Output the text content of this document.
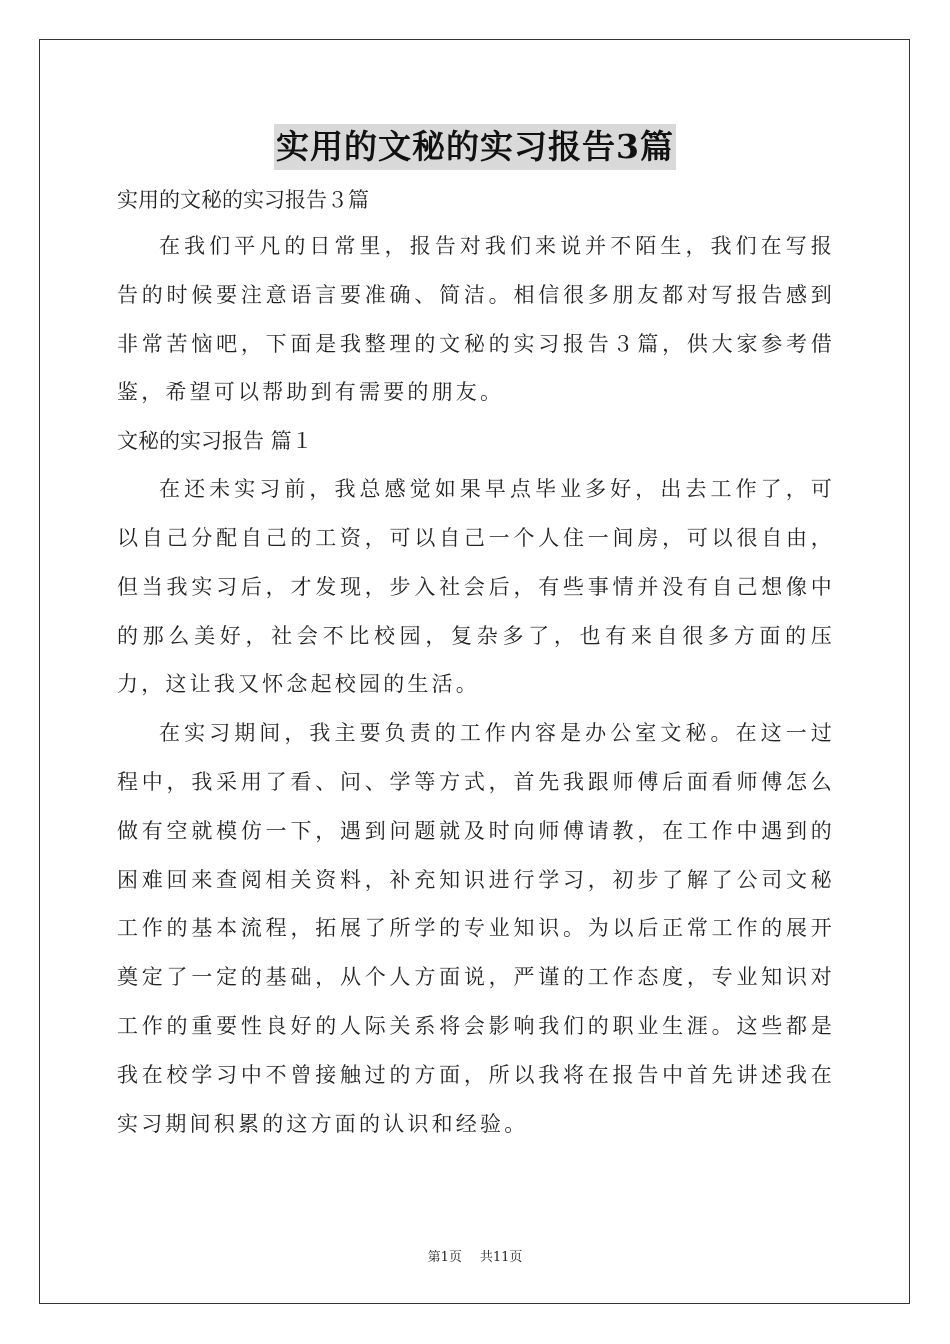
实用的文秘的实习报告3篇

实用的文秘的实习报告３篇

在我们平凡的日常里，报告对我们来说并不陌生，我们在写报告的时候要注意语言要准确、简洁。相信很多朋友都对写报告感到非常苦恼吧，下面是我整理的文秘的实习报告３篇，供大家参考借鉴，希望可以帮助到有需要的朋友。

文秘的实习报告 篇１

在还未实习前，我总感觉如果早点毕业多好，出去工作了，可以自己分配自己的工资，可以自己一个人住一间房，可以很自由，但当我实习后，才发现，步入社会后，有些事情并没有自己想像中的那么美好，社会不比校园，复杂多了，也有来自很多方面的压力，这让我又怀念起校园的生活。

在实习期间，我主要负责的工作内容是办公室文秘。在这一过程中，我采用了看、问、学等方式，首先我跟师傅后面看师傅怎么做有空就模仿一下，遇到问题就及时向师傅请教，在工作中遇到的困难回来查阅相关资料，补充知识进行学习，初步了解了公司文秘工作的基本流程，拓展了所学的专业知识。为以后正常工作的展开奠定了一定的基础，从个人方面说，严谨的工作态度，专业知识对工作的重要性良好的人际关系将会影响我们的职业生涯。这些都是我在校学习中不曾接触过的方面，所以我将在报告中首先讲述我在实习期间积累的这方面的认识和经验。

第1页 共11页
